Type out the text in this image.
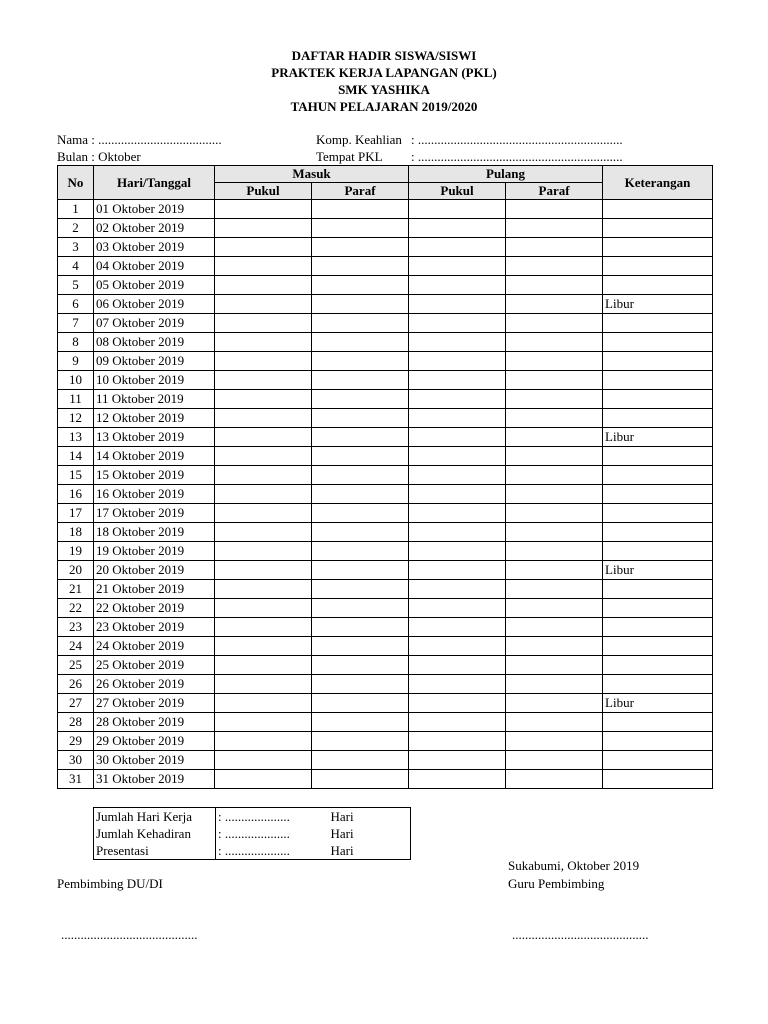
DAFTAR HADIR SISWA/SISWI
PRAKTEK KERJA LAPANGAN (PKL)
SMK YASHIKA
TAHUN PELAJARAN 2019/2020
Nama : ......................................
Bulan : Oktober
Komp. Keahlian : ...............................................................
Tempat PKL : ...............................................................
No	Hari/Tanggal	Masuk		Pulang		Keterangan
		Pukul	Paraf	Pukul	Paraf	
1	01 Oktober 2019					
2	02 Oktober 2019					
3	03 Oktober 2019					
4	04 Oktober 2019					
5	05 Oktober 2019					
6	06 Oktober 2019					Libur
7	07 Oktober 2019					
8	08 Oktober 2019					
9	09 Oktober 2019					
10	10 Oktober 2019					
11	11 Oktober 2019					
12	12 Oktober 2019					
13	13 Oktober 2019					Libur
14	14 Oktober 2019					
15	15 Oktober 2019					
16	16 Oktober 2019					
17	17 Oktober 2019					
18	18 Oktober 2019					
19	19 Oktober 2019					
20	20 Oktober 2019					Libur
21	21 Oktober 2019					
22	22 Oktober 2019					
23	23 Oktober 2019					
24	24 Oktober 2019					
25	25 Oktober 2019					
26	26 Oktober 2019					
27	27 Oktober 2019					Libur
28	28 Oktober 2019					
29	29 Oktober 2019					
30	30 Oktober 2019					
31	31 Oktober 2019					
Jumlah Hari Kerja	: ....................	Hari
Jumlah Kehadiran	: ....................	Hari
Presentasi	: ....................	Hari
Sukabumi, Oktober 2019
Pembimbing DU/DI	Guru Pembimbing
..........................................	..........................................
